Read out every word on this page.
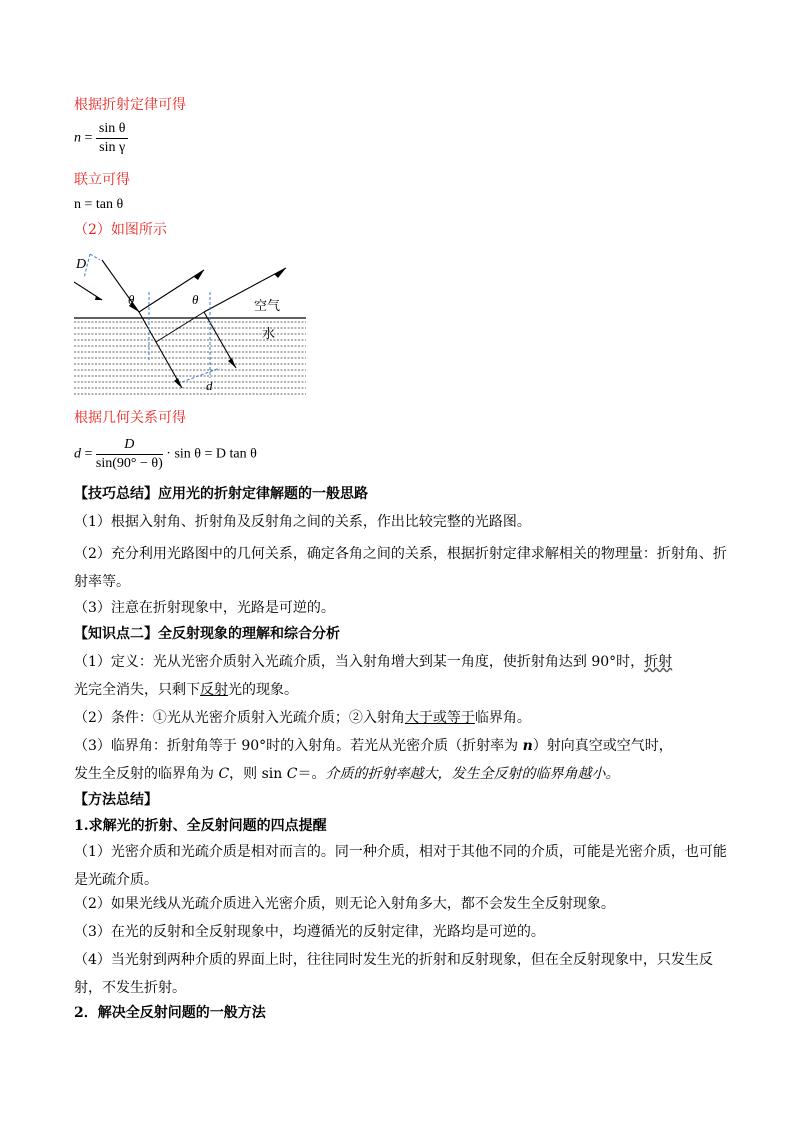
根据折射定律可得
$n = \frac{\text{sin θ}}{\text{sin γ}}$
联立可得
n = tan θ
（2）如图所示
D
θ	θ	空气
水
d
根据几何关系可得
$d = \frac{D}{\sin(90^\circ - \theta)} \cdot \sin \theta = D$ tan θ
【技巧总结】应用光的折射定律解题的一般思路
（1）根据入射角、折射角及反射角之间的关系，作出比较完整的光路图。
（2）充分利用光路图中的几何关系，确定各角之间的关系，根据折射定律求解相关的物理量：折射角、折射率等。
（3）注意在折射现象中，光路是可逆的。
【知识点二】全反射现象的理解和综合分析
（1）定义：光从光密介质射入光疏介质，当入射角增大到某一角度，使折射角达到 90°时，折射
光完全消失，只剩下反射光的现象。
（2）条件：①光从光密介质射入光疏介质；②入射角大于或等于临界角。
（3）临界角：折射角等于 90°时的入射角。若光从光密介质（折射率为 n）射向真空或空气时，
发生全反射的临界角为 C，则 sin C＝。介质的折射率越大，发生全反射的临界角越小。
【方法总结】
1.求解光的折射、全反射问题的四点提醒
（1）光密介质和光疏介质是相对而言的。同一种介质，相对于其他不同的介质，可能是光密介质，也可能是光疏介质。
（2）如果光线从光疏介质进入光密介质，则无论入射角多大，都不会发生全反射现象。
（3）在光的反射和全反射现象中，均遵循光的反射定律，光路均是可逆的。
（4）当光射到两种介质的界面上时，往往同时发生光的折射和反射现象，但在全反射现象中，只发生反射，不发生折射。
2．解决全反射问题的一般方法
